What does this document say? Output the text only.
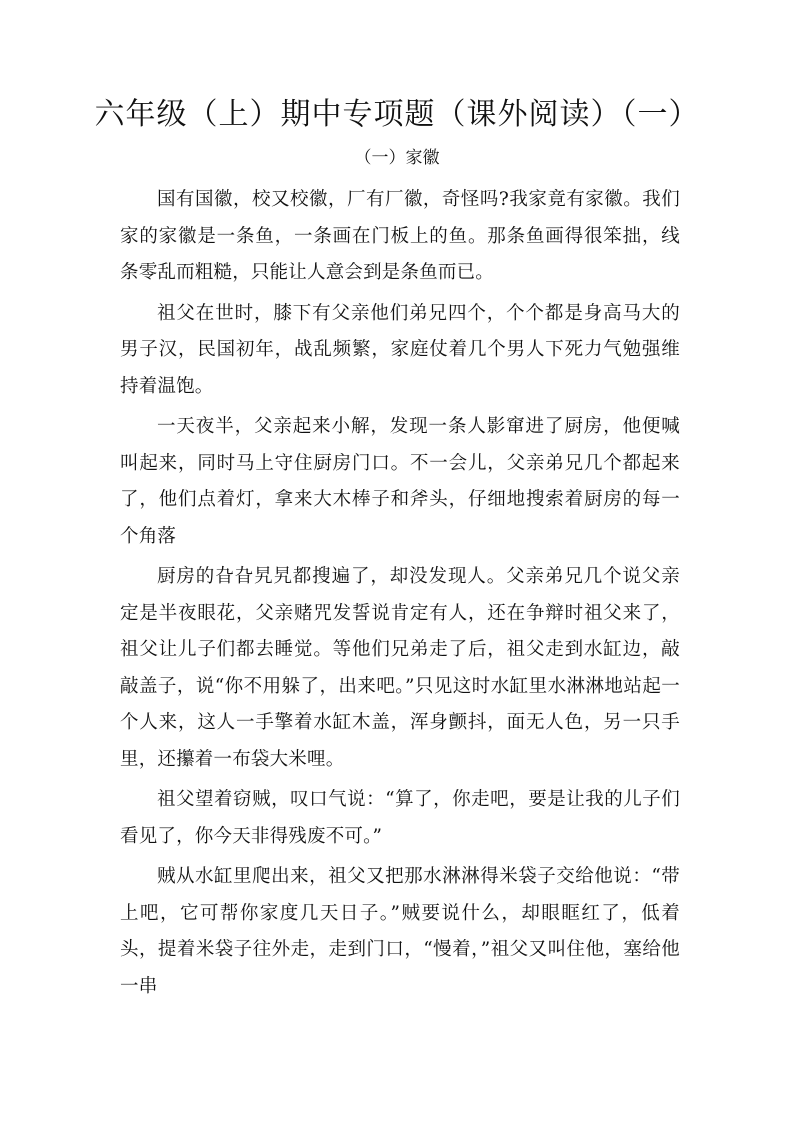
六年级（上）期中专项题（课外阅读）（一）
（一）家徽

国有国徽，校又校徽，厂有厂徽，奇怪吗?我家竟有家徽。我们家的家徽是一条鱼，一条画在门板上的鱼。那条鱼画得很笨拙，线条零乱而粗糙，只能让人意会到是条鱼而已。

祖父在世时，膝下有父亲他们弟兄四个，个个都是身高马大的男子汉，民国初年，战乱频繁，家庭仗着几个男人下死力气勉强维持着温饱。

一天夜半，父亲起来小解，发现一条人影窜进了厨房，他便喊叫起来，同时马上守住厨房门口。不一会儿，父亲弟兄几个都起来了，他们点着灯，拿来大木棒子和斧头，仔细地搜索着厨房的每一个角落

厨房的旮旮旯旯都搜遍了，却没发现人。父亲弟兄几个说父亲定是半夜眼花，父亲赌咒发誓说肯定有人，还在争辩时祖父来了，祖父让儿子们都去睡觉。等他们兄弟走了后，祖父走到水缸边，敲敲盖子，说“你不用躲了，出来吧。”只见这时水缸里水淋淋地站起一个人来，这人一手擎着水缸木盖，浑身颤抖，面无人色，另一只手里，还攥着一布袋大米哩。

祖父望着窃贼，叹口气说：“算了，你走吧，要是让我的儿子们看见了，你今天非得残废不可。”

贼从水缸里爬出来，祖父又把那水淋淋得米袋子交给他说：“带上吧，它可帮你家度几天日子。”贼要说什么，却眼眶红了，低着头，提着米袋子往外走，走到门口，“慢着，”祖父又叫住他，塞给他一串
